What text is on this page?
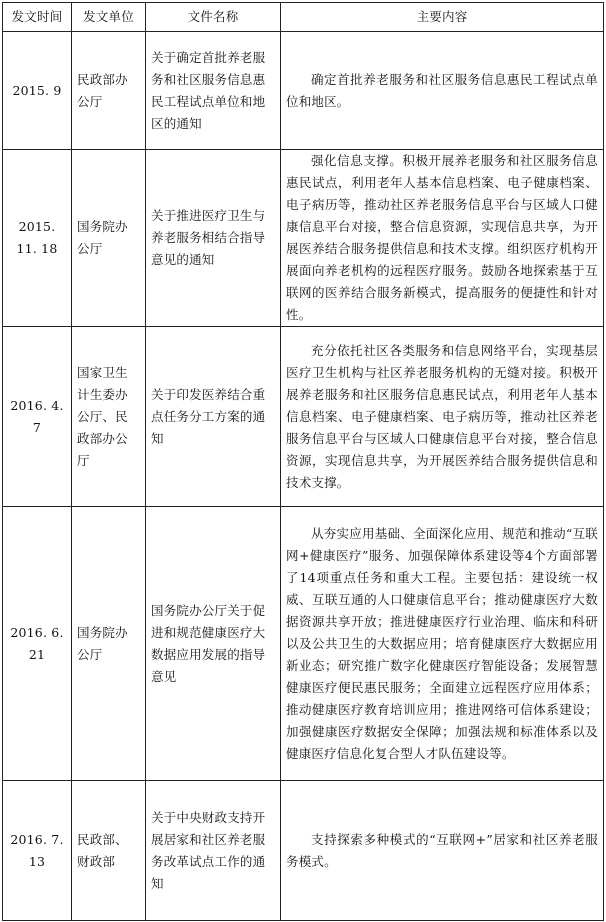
发文时间	发文单位	文件名称	主要内容
2015. 9	民政部办公厅	关于确定首批养老服务和社区服务信息惠民工程试点单位和地区的通知	确定首批养老服务和社区服务信息惠民工程试点单位和地区。

2015. 11. 18	国务院办公厅	关于推进医疗卫生与养老服务相结合指导意见的通知	强化信息支撑。积极开展养老服务和社区服务信息惠民试点，利用老年人基本信息档案、电子健康档案、电子病历等，推动社区养老服务信息平台与区域人口健康信息平台对接，整合信息资源，实现信息共享，为开展医养结合服务提供信息和技术支撑。组织医疗机构开展面向养老机构的远程医疗服务。鼓励各地探索基于互联网的医养结合服务新模式，提高服务的便捷性和针对性。

2016. 4. 7	国家卫生计生委办公厅、民政部办公厅	关于印发医养结合重点任务分工方案的通知	充分依托社区各类服务和信息网络平台，实现基层医疗卫生机构与社区养老服务机构的无缝对接。积极开展养老服务和社区服务信息惠民试点，利用老年人基本信息档案、电子健康档案、电子病历等，推动社区养老服务信息平台与区域人口健康信息平台对接，整合信息资源，实现信息共享，为开展医养结合服务提供信息和技术支撑。

2016. 6. 21	国务院办公厅	国务院办公厅关于促进和规范健康医疗大数据应用发展的指导意见	从夯实应用基础、全面深化应用、规范和推动“互联网+健康医疗”服务、加强保障体系建设等4个方面部署了14项重点任务和重大工程。主要包括：建设统一权威、互联互通的人口健康信息平台；推动健康医疗大数据资源共享开放；推进健康医疗行业治理、临床和科研以及公共卫生的大数据应用；培育健康医疗大数据应用新业态；研究推广数字化健康医疗智能设备；发展智慧健康医疗便民惠民服务；全面建立远程医疗应用体系；推动健康医疗教育培训应用；推进网络可信体系建设；加强健康医疗数据安全保障；加强法规和标准体系以及健康医疗信息化复合型人才队伍建设等。

2016. 7. 13	民政部、财政部	关于中央财政支持开展居家和社区养老服务改革试点工作的通知	支持探索多种模式的“互联网+”居家和社区养老服务模式。
